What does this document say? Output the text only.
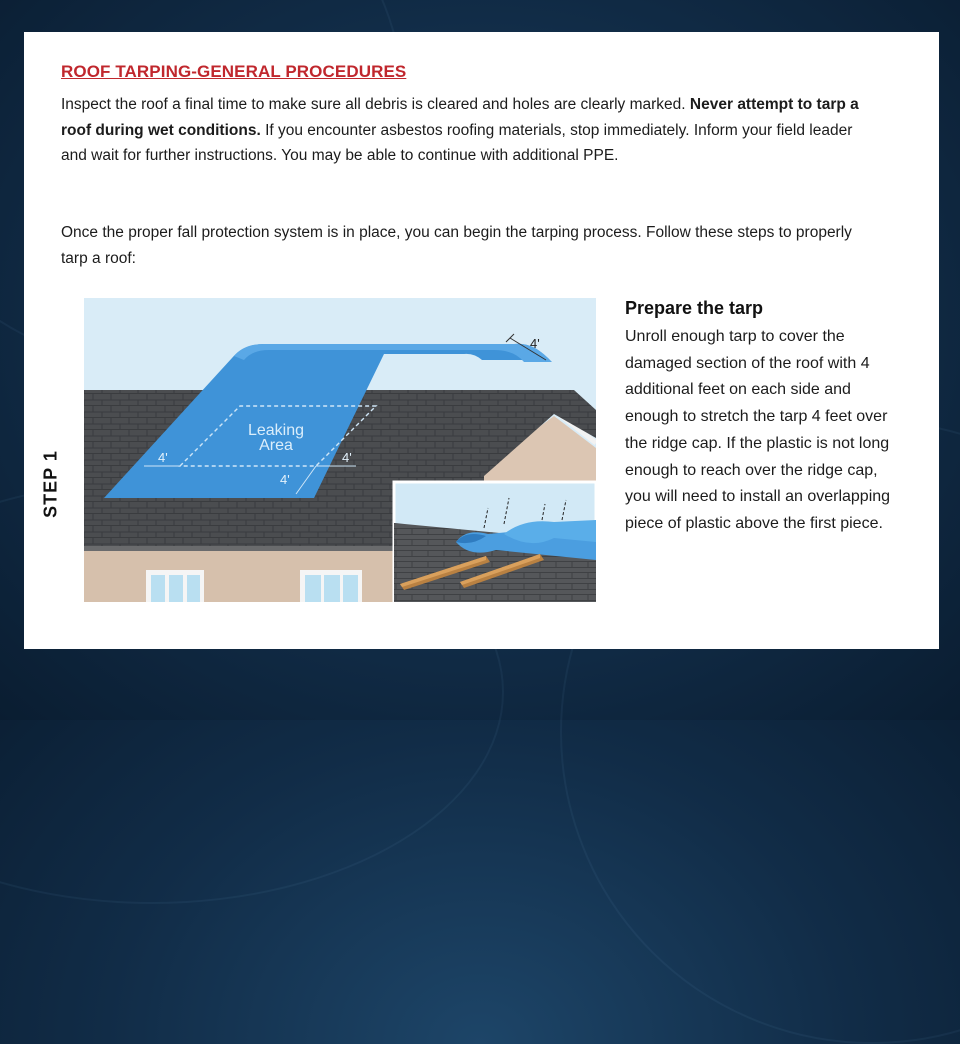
ROOF TARPING-GENERAL PROCEDURES

Inspect the roof a final time to make sure all debris is cleared and holes are clearly marked. Never attempt to tarp a roof during wet conditions. If you encounter asbestos roofing materials, stop immediately. Inform your field leader and wait for further instructions. You may be able to continue with additional PPE.

Once the proper fall protection system is in place, you can begin the tarping process. Follow these steps to properly tarp a roof:

STEP 1
Leaking
Area
4'	4'
4'
4'
Prepare the tarp

Unroll enough tarp to cover the damaged section of the roof with 4 additional feet on each side and enough to stretch the tarp 4 feet over the ridge cap. If the plastic is not long enough to reach over the ridge cap, you will need to install an overlapping piece of plastic above the first piece.
